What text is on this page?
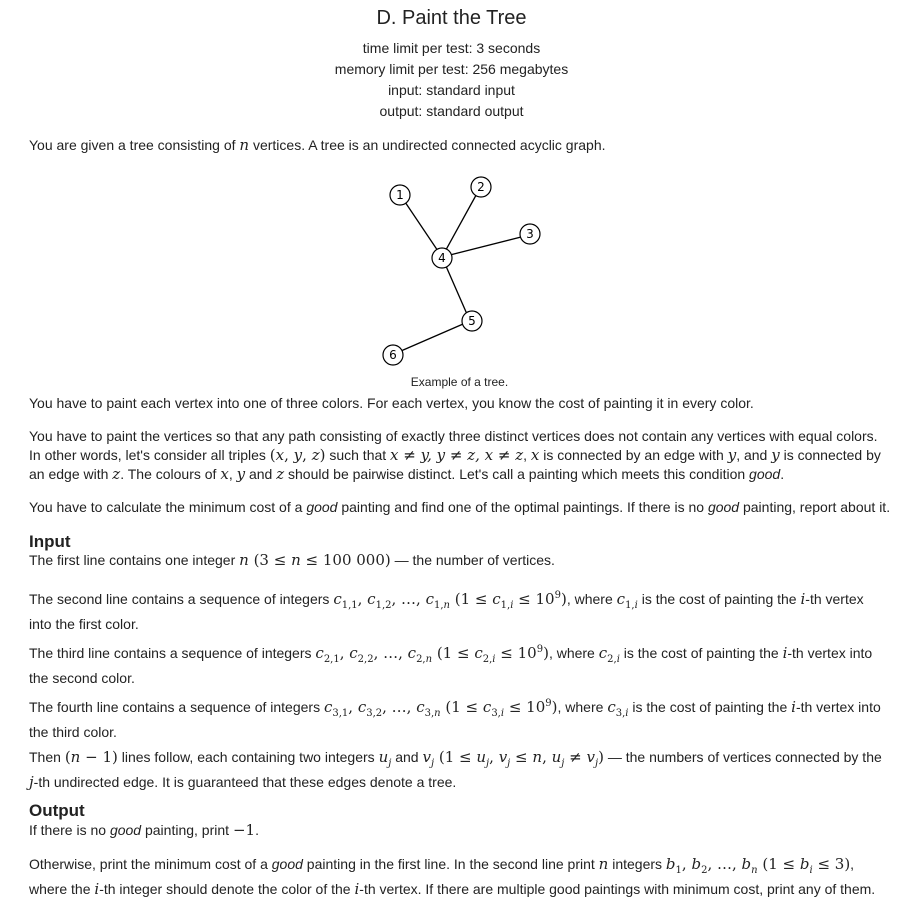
D. Paint the Tree
time limit per test: 3 seconds
memory limit per test: 256 megabytes
input: standard input
output: standard output

You are given a tree consisting of n vertices. A tree is an undirected connected acyclic graph.

1
2
3
4
5
6
Example of a tree.

You have to paint each vertex into one of three colors. For each vertex, you know the cost of painting it in every color.

You have to paint the vertices so that any path consisting of exactly three distinct vertices does not contain any vertices with equal colors. In other words, let's consider all triples (x, y, z) such that x ≠ y, y ≠ z, x ≠ z, x is connected by an edge with y, and y is connected by an edge with z. The colours of x, y and z should be pairwise distinct. Let's call a painting which meets this condition good.

You have to calculate the minimum cost of a good painting and find one of the optimal paintings. If there is no good painting, report about it.

Input

The first line contains one integer n (3 ≤ n ≤ 100 000) — the number of vertices.

The second line contains a sequence of integers $c_{1,1}$, $c_{1,2}$, …, $c_{1,n}$ $(1 \le c_{1,i} \le 10^9)$, where $c_{1,i}$ is the cost of painting the i-th vertex into the first color.

The third line contains a sequence of integers $c_{2,1}$, $c_{2,2}$, …, $c_{2,n}$ $(1 \le c_{2,i} \le 10^9)$, where $c_{2,i}$ is the cost of painting the i-th vertex into the second color.

The fourth line contains a sequence of integers $c_{3,1}$, $c_{3,2}$, …, $c_{3,n}$ $(1 \le c_{3,i} \le 10^9)$, where $c_{3,i}$ is the cost of painting the i-th vertex into the third color.

Then (n − 1) lines follow, each containing two integers $u_j$ and $v_j$ ($1 \le u_j$, $v_j \le n$, $u_j \ne v_j$) — the numbers of vertices connected by the j-th undirected edge. It is guaranteed that these edges denote a tree.

Output

If there is no good painting, print −1.

Otherwise, print the minimum cost of a good painting in the first line. In the second line print n integers $b_1$, $b_2$, …, $b_n$ $(1 \le b_i \le 3)$, where the i-th integer should denote the color of the i-th vertex. If there are multiple good paintings with minimum cost, print any of them.
